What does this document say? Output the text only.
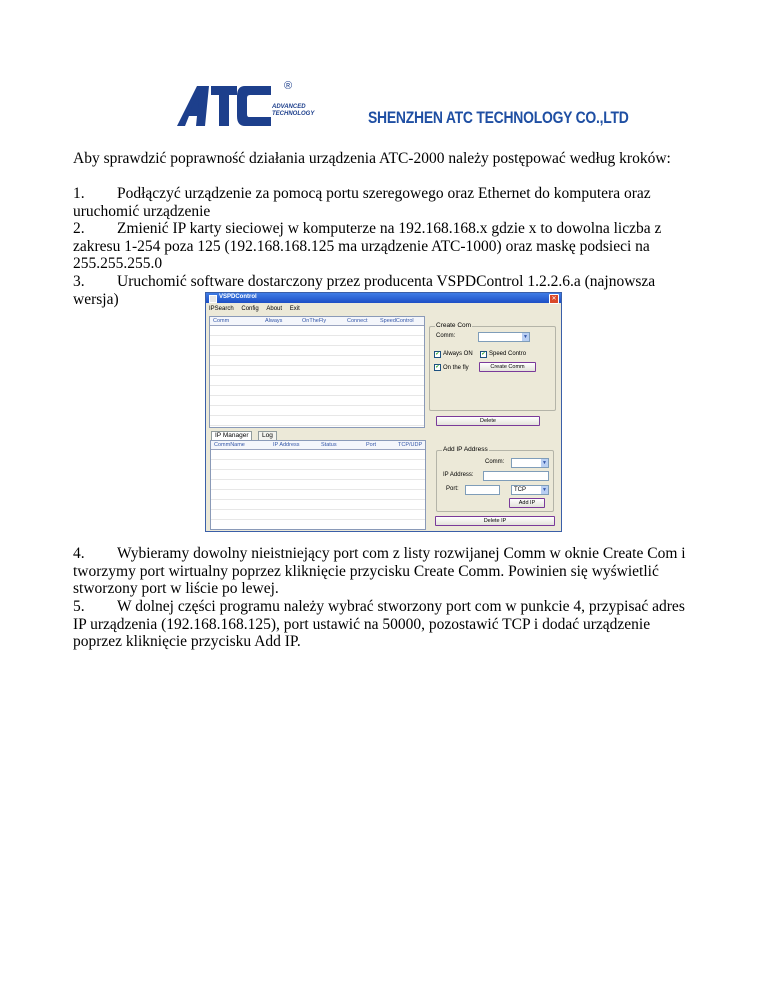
ADVANCED
TECHNOLOGY
®
SHENZHEN ATC TECHNOLOGY CO.,LTD
Aby sprawdzić poprawność działania urządzenia ATC-2000 należy postępować według kroków:
1. Podłączyć urządzenie za pomocą portu szeregowego oraz Ethernet do komputera oraz
uruchomić urządzenie
2. Zmienić IP karty sieciowej w komputerze na 192.168.168.x gdzie x to dowolna liczba z
zakresu 1-254 poza 125 (192.168.168.125 ma urządzenie ATC-1000) oraz maskę podsieci na
255.255.255.0
3. Uruchomić software dostarczony przez producenta VSPDControl 1.2.2.6.a (najnowsza
wersja)	VSPDControl	✕
IPSearch Config About Exit
Comm	Always	OnTheFly	Connect SpeedControl
Create Com
Comm:	▼
✔ Always ON ✔ Speed Contro
✔ On the fly	Create Comm
Delete
IP Manager	Log
CommName	IP Address	Status	Port	TCP/UDP
Add IP Address
Comm:	▼
IP Address:
Port:	TCP	▼
Add IP
Delete IP
4. Wybieramy dowolny nieistniejący port com z listy rozwijanej Comm w oknie Create Com i
tworzymy port wirtualny poprzez kliknięcie przycisku Create Comm. Powinien się wyświetlić
stworzony port w liście po lewej.
5. W dolnej części programu należy wybrać stworzony port com w punkcie 4, przypisać adres
IP urządzenia (192.168.168.125), port ustawić na 50000, pozostawić TCP i dodać urządzenie
poprzez kliknięcie przycisku Add IP.
